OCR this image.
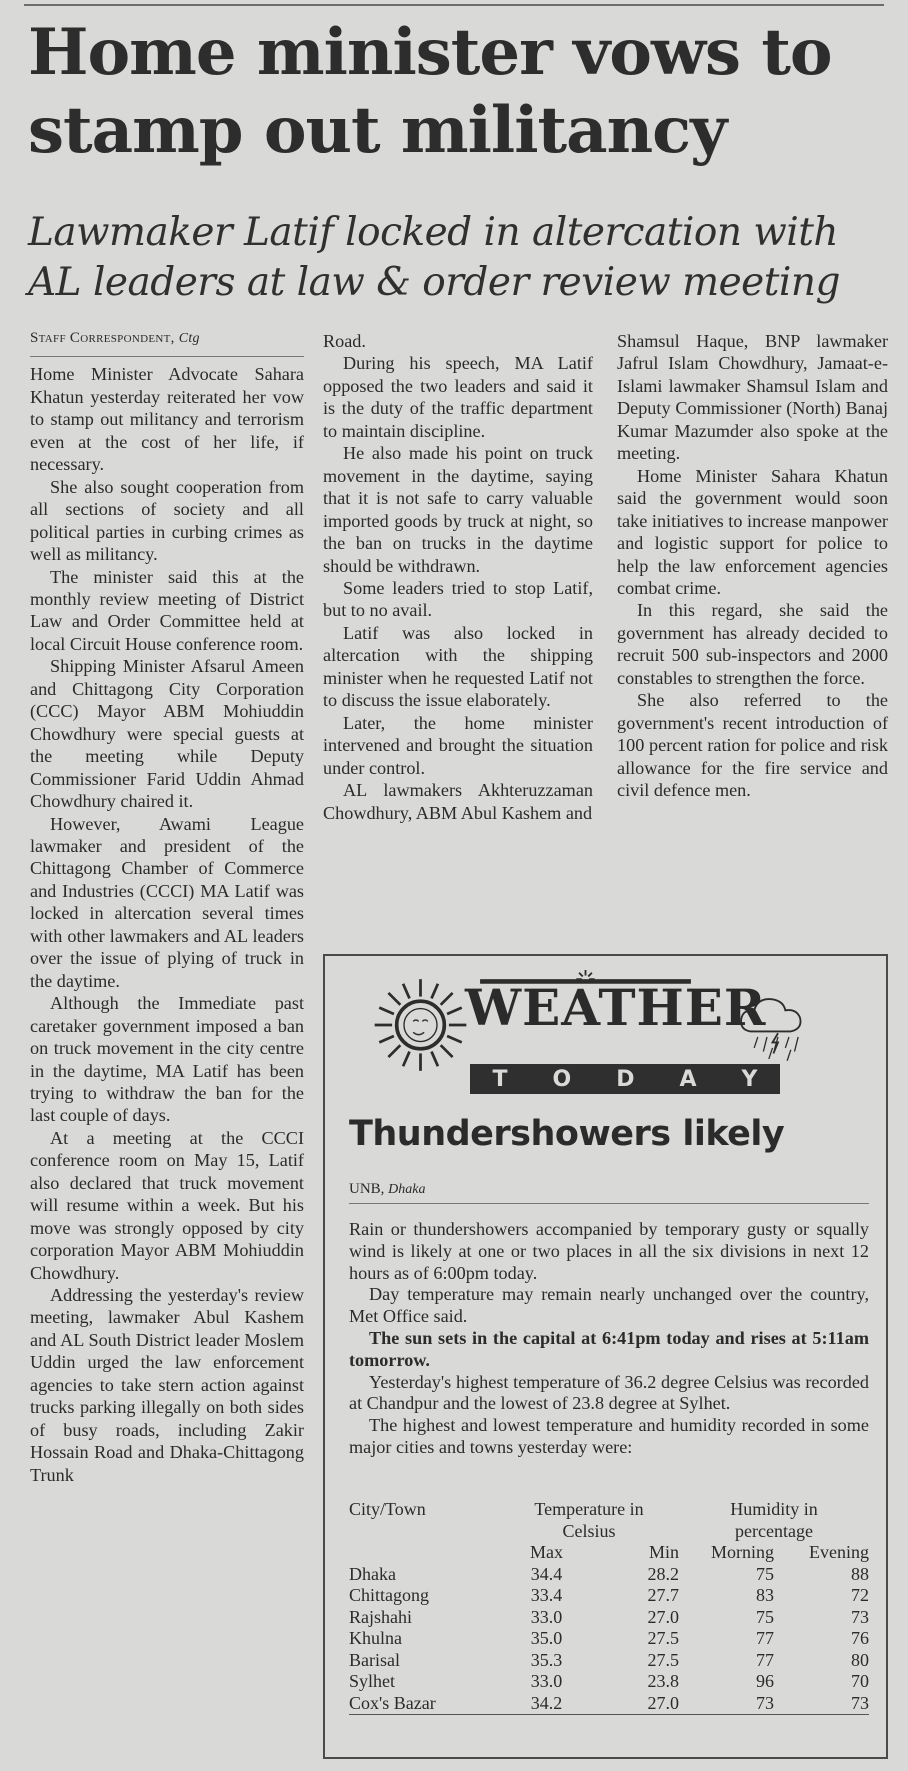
Home minister vows to
stamp out militancy
Lawmaker Latif locked in altercation with
AL leaders at law & order review meeting
Staff Correspondent, Ctg

Home Minister Advocate Sahara Khatun yesterday reiterated her vow to stamp out militancy and terrorism even at the cost of her life, if necessary.

She also sought cooperation from all sections of society and all political parties in curbing crimes as well as militancy.

The minister said this at the monthly review meeting of District Law and Order Committee held at local Circuit House conference room.

Shipping Minister Afsarul Ameen and Chittagong City Corporation (CCC) Mayor ABM Mohiuddin Chowdhury were special guests at the meeting while Deputy Commissioner Farid Uddin Ahmad Chowdhury chaired it.

However, Awami League lawmaker and president of the Chittagong Chamber of Commerce and Industries (CCCI) MA Latif was locked in altercation several times with other lawmakers and AL leaders over the issue of plying of truck in the daytime.

Although the Immediate past caretaker government imposed a ban on truck movement in the city centre in the daytime, MA Latif has been trying to withdraw the ban for the last couple of days.

At a meeting at the CCCI conference room on May 15, Latif also declared that truck movement will resume within a week. But his move was strongly opposed by city corporation Mayor ABM Mohiuddin Chowdhury.

Addressing the yesterday's review meeting, lawmaker Abul Kashem and AL South District leader Moslem Uddin urged the law enforcement agencies to take stern action against trucks parking illegally on both sides of busy roads, including Zakir Hossain Road and Dhaka-Chittagong Trunk

Road.

During his speech, MA Latif opposed the two leaders and said it is the duty of the traffic department to maintain discipline.

He also made his point on truck movement in the daytime, saying that it is not safe to carry valuable imported goods by truck at night, so the ban on trucks in the daytime should be withdrawn.

Some leaders tried to stop Latif, but to no avail.

Latif was also locked in altercation with the shipping minister when he requested Latif not to discuss the issue elaborately.

Later, the home minister intervened and brought the situation under control.

AL lawmakers Akhteruzzaman Chowdhury, ABM Abul Kashem and

Shamsul Haque, BNP lawmaker Jafrul Islam Chowdhury, Jamaat-e-Islami lawmaker Shamsul Islam and Deputy Commissioner (North) Banaj Kumar Mazumder also spoke at the meeting.

Home Minister Sahara Khatun said the government would soon take initiatives to increase manpower and logistic support for police to help the law enforcement agencies combat crime.

In this regard, she said the government has already decided to recruit 500 sub-inspectors and 2000 constables to strengthen the force.

She also referred to the government's recent introduction of 100 percent ration for police and risk allowance for the fire service and civil defence men.

WEATHER
T O D A Y
Thundershowers likely
UNB, Dhaka

Rain or thundershowers accompanied by temporary gusty or squally wind is likely at one or two places in all the six divisions in next 12 hours as of 6:00pm today.

Day temperature may remain nearly unchanged over the country, Met Office said.

The sun sets in the capital at 6:41pm today and rises at 5:11am tomorrow.

Yesterday's highest temperature of 36.2 degree Celsius was recorded at Chandpur and the lowest of 23.8 degree at Sylhet.

The highest and lowest temperature and humidity recorded in some major cities and towns yesterday were:

City/Town	Temperature in		Humidity in	
	Celsius		percentage	
	Max	Min	Morning	Evening
Dhaka	34.4	28.2	75	88
Chittagong	33.4	27.7	83	72
Rajshahi	33.0	27.0	75	73
Khulna	35.0	27.5	77	76
Barisal	35.3	27.5	77	80
Sylhet	33.0	23.8	96	70
Cox's Bazar	34.2	27.0	73	73
